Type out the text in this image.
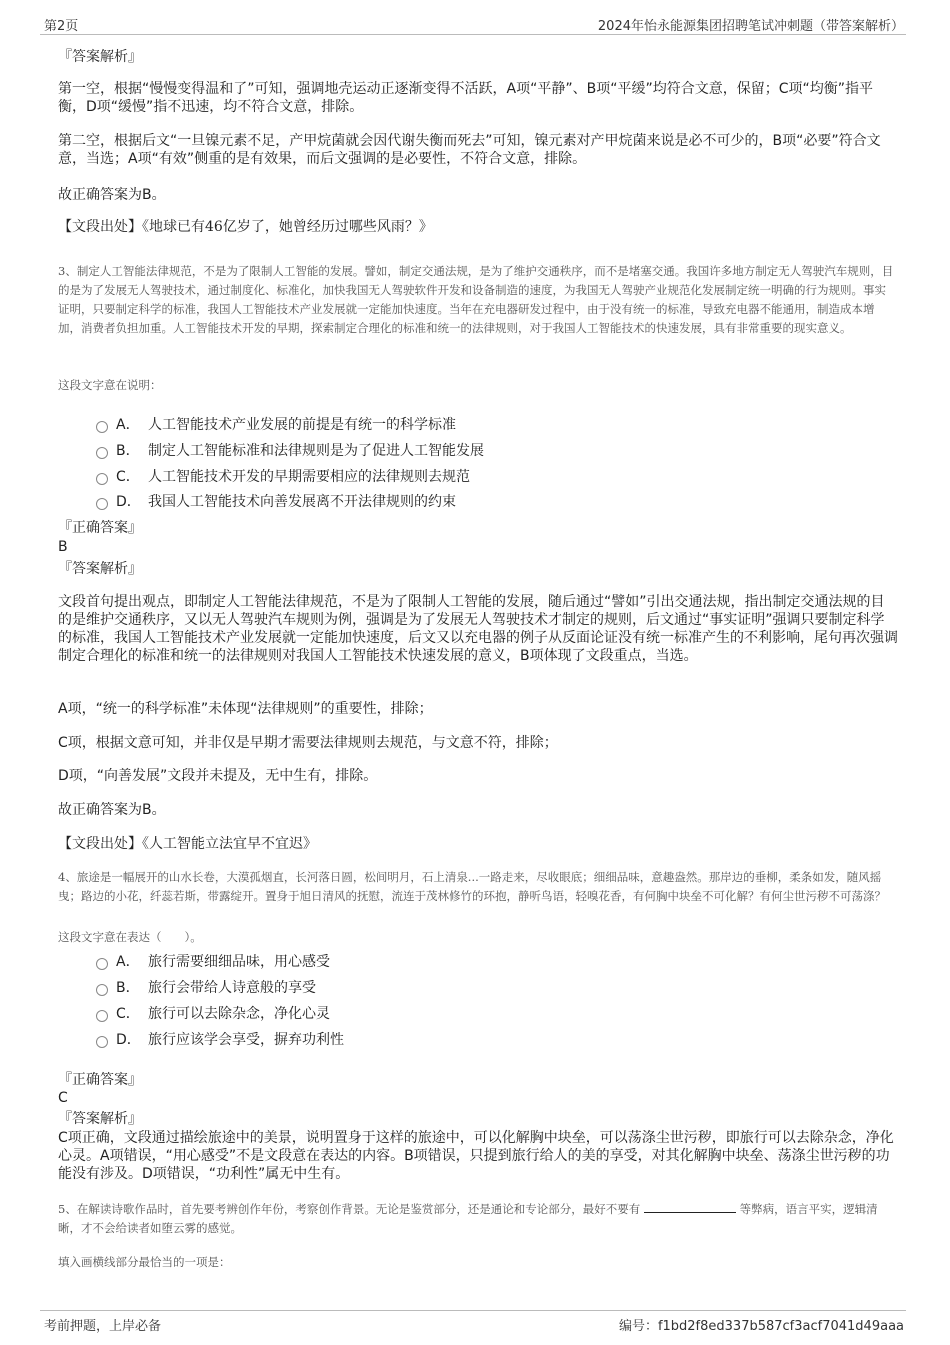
第2页	2024年怡永能源集团招聘笔试冲刺题（带答案解析）
『答案解析』
第一空，根据“慢慢变得温和了”可知，强调地壳运动正逐渐变得不活跃，A项“平静”、B项“平缓”均符合文意，保留；C项“均衡”指平衡，D项“缓慢”指不迅速，均不符合文意，排除。
第二空，根据后文“一旦镍元素不足，产甲烷菌就会因代谢失衡而死去”可知，镍元素对产甲烷菌来说是必不可少的，B项“必要”符合文意，当选；A项“有效”侧重的是有效果，而后文强调的是必要性，不符合文意，排除。
故正确答案为B。
【文段出处】《地球已有46亿岁了，她曾经历过哪些风雨？》
3、制定人工智能法律规范，不是为了限制人工智能的发展。譬如，制定交通法规，是为了维护交通秩序，而不是堵塞交通。我国许多地方制定无人驾驶汽车规则，目的是为了发展无人驾驶技术，通过制度化、标准化，加快我国无人驾驶软件开发和设备制造的速度，为我国无人驾驶产业规范化发展制定统一明确的行为规则。事实证明，只要制定科学的标准，我国人工智能技术产业发展就一定能加快速度。当年在充电器研发过程中，由于没有统一的标准，导致充电器不能通用，制造成本增加，消费者负担加重。人工智能技术开发的早期，探索制定合理化的标准和统一的法律规则，对于我国人工智能技术的快速发展，具有非常重要的现实意义。
这段文字意在说明：
A． 人工智能技术产业发展的前提是有统一的科学标准
B． 制定人工智能标准和法律规则是为了促进人工智能发展
C． 人工智能技术开发的早期需要相应的法律规则去规范
D． 我国人工智能技术向善发展离不开法律规则的约束
『正确答案』
B
『答案解析』
文段首句提出观点，即制定人工智能法律规范，不是为了限制人工智能的发展，随后通过“譬如”引出交通法规，指出制定交通法规的目的是维护交通秩序，又以无人驾驶汽车规则为例，强调是为了发展无人驾驶技术才制定的规则，后文通过“事实证明”强调只要制定科学的标准，我国人工智能技术产业发展就一定能加快速度，后文又以充电器的例子从反面论证没有统一标准产生的不利影响，尾句再次强调制定合理化的标准和统一的法律规则对我国人工智能技术快速发展的意义，B项体现了文段重点，当选。
A项，“统一的科学标准”未体现“法律规则”的重要性，排除；
C项，根据文意可知，并非仅是早期才需要法律规则去规范，与文意不符，排除；
D项，“向善发展”文段并未提及，无中生有，排除。
故正确答案为B。
【文段出处】《人工智能立法宜早不宜迟》
4、旅途是一幅展开的山水长卷，大漠孤烟直，长河落日圆，松间明月，石上清泉...一路走来，尽收眼底；细细品味，意趣盎然。那岸边的垂柳，柔条如发，随风摇曳；路边的小花，纤蕊若斯，带露绽开。置身于旭日清风的抚慰，流连于茂林修竹的环抱，静听鸟语，轻嗅花香，有何胸中块垒不可化解？有何尘世污秽不可荡涤？
这段文字意在表达（　　）。
A． 旅行需要细细品味，用心感受
B． 旅行会带给人诗意般的享受
C． 旅行可以去除杂念，净化心灵
D． 旅行应该学会享受，摒弃功利性
『正确答案』
C
『答案解析』
C项正确，文段通过描绘旅途中的美景，说明置身于这样的旅途中，可以化解胸中块垒，可以荡涤尘世污秽，即旅行可以去除杂念，净化心灵。A项错误，“用心感受”不是文段意在表达的内容。B项错误，只提到旅行给人的美的享受，对其化解胸中块垒、荡涤尘世污秽的功能没有涉及。D项错误，“功利性”属无中生有。
5、在解读诗歌作品时，首先要考辨创作年份，考察创作背景。无论是鉴赏部分，还是通论和专论部分，最好不要有	等弊病，语言平实，逻辑清晰，才不会给读者如堕云雾的感觉。
填入画横线部分最恰当的一项是：
考前押题，上岸必备	编号：f1bd2f8ed337b587cf3acf7041d49aaa
